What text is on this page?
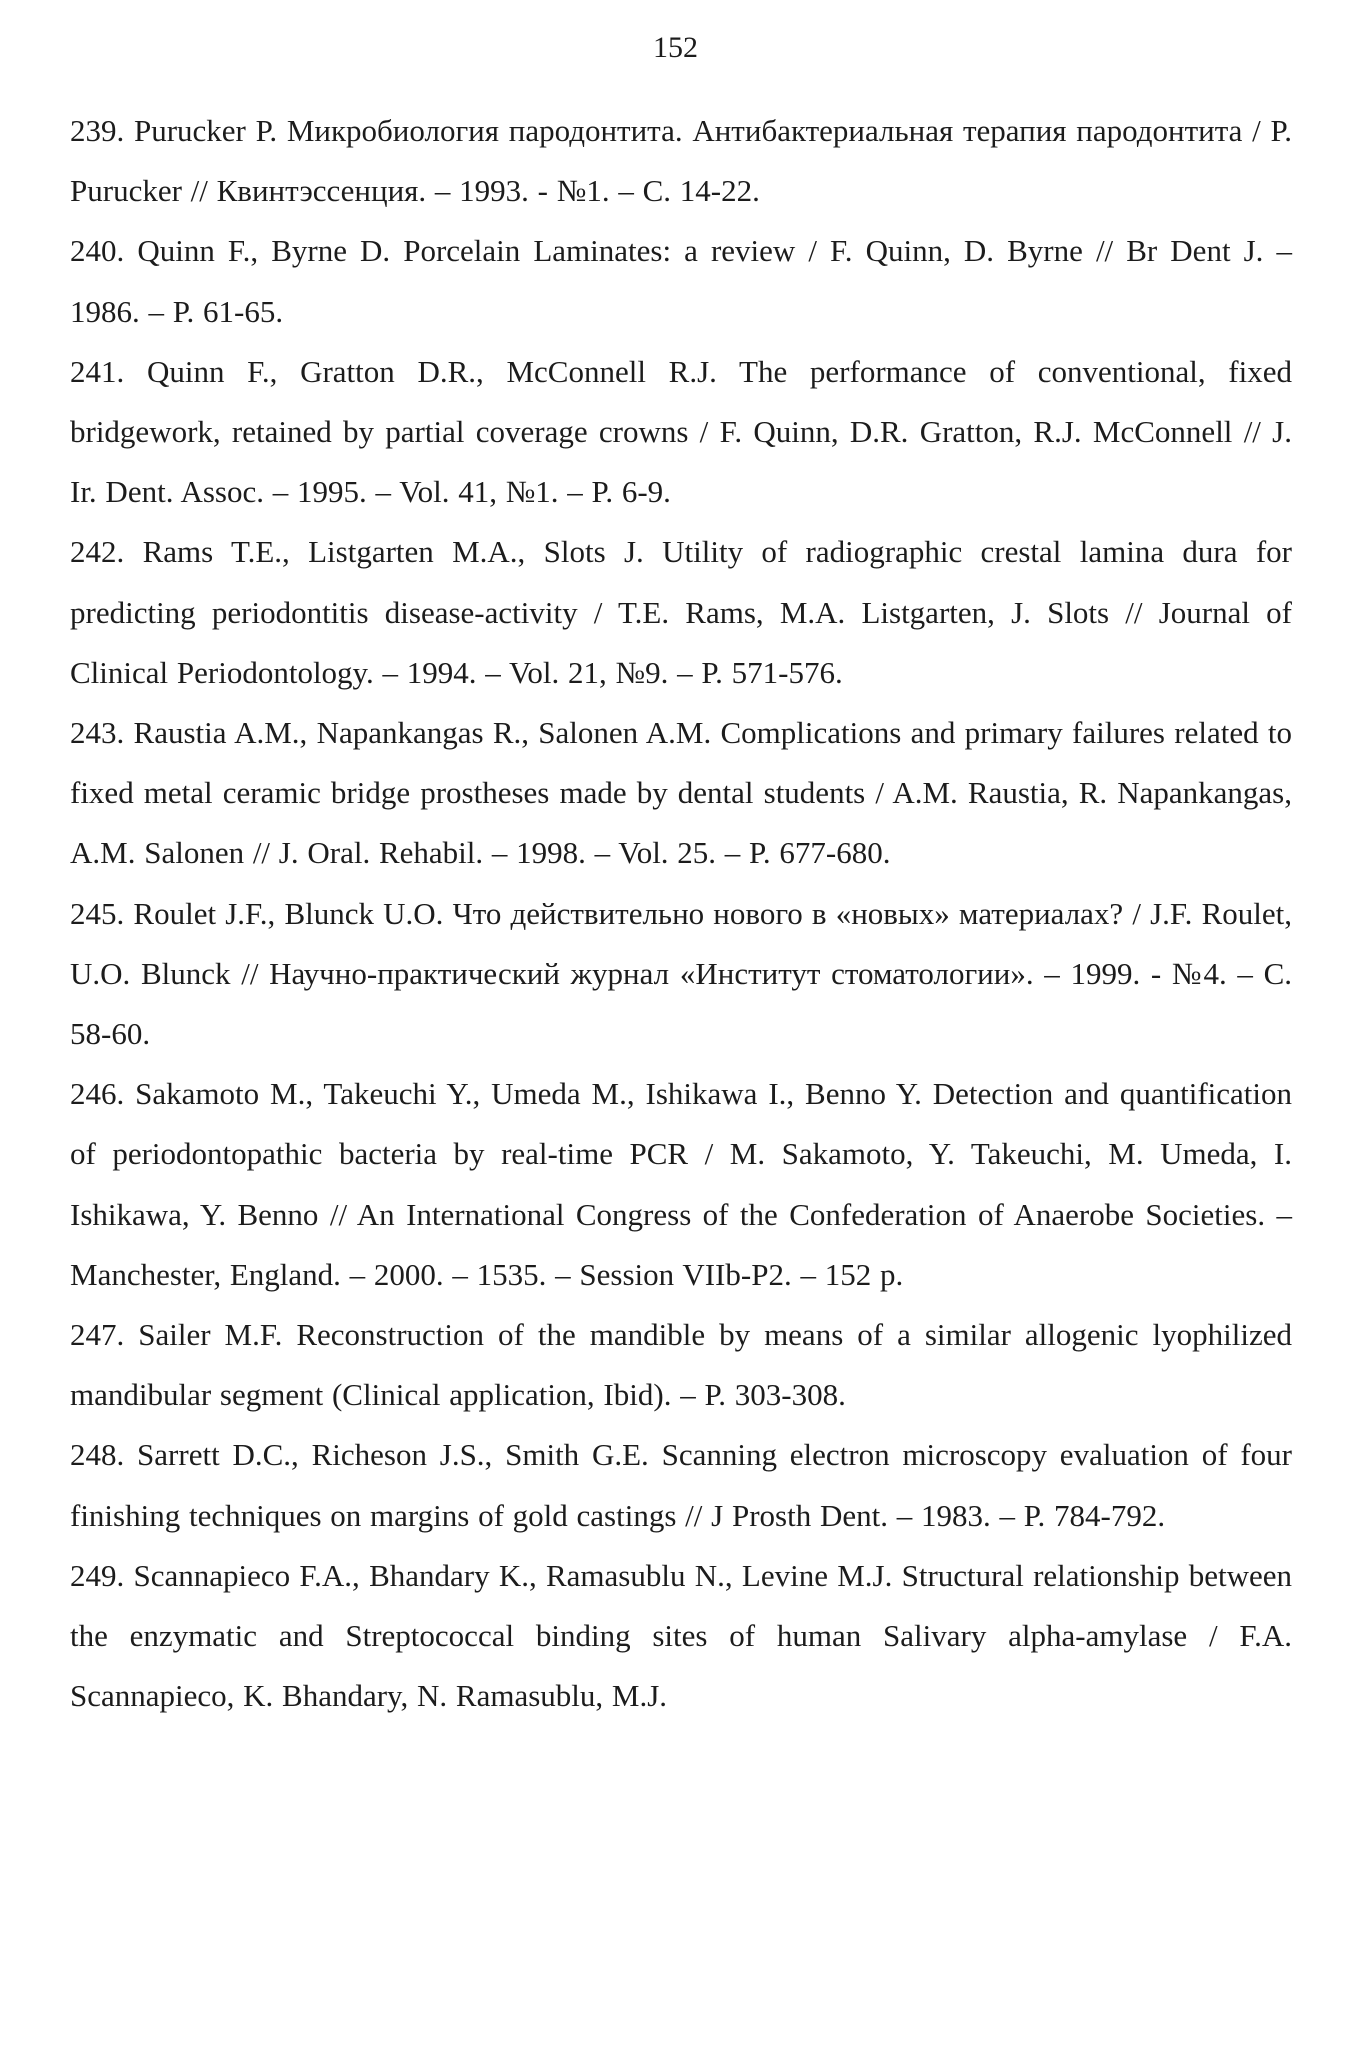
152

239. Purucker P. Микробиология пародонтита. Антибактериальная терапия пародонтита / P. Purucker // Квинтэссенция. – 1993. - №1. – С. 14-22.

240. Quinn F., Byrne D. Porcelain Laminates: a review / F. Quinn, D. Byrne // Br Dent J. – 1986. – P. 61-65.

241. Quinn F., Gratton D.R., McConnell R.J. The performance of conventional, fixed bridgework, retained by partial coverage crowns / F. Quinn, D.R. Gratton, R.J. McConnell // J. Ir. Dent. Assoc. – 1995. – Vol. 41, №1. – P. 6-9.

242. Rams T.E., Listgarten M.A., Slots J. Utility of radiographic crestal lamina dura for predicting periodontitis disease-activity / T.E. Rams, M.A. Listgarten, J. Slots // Journal of Clinical Periodontology. – 1994. – Vol. 21, №9. – P. 571-576.

243. Raustia A.M., Napankangas R., Salonen A.M. Complications and primary failures related to fixed metal ceramic bridge prostheses made by dental students / A.M. Raustia, R. Napankangas, A.M. Salonen // J. Oral. Rehabil. – 1998. – Vol. 25. – P. 677-680.

245. Roulet J.F., Blunck U.O. Что действительно нового в «новых» материалах? / J.F. Roulet, U.O. Blunck // Научно-практический журнал «Институт стоматологии». – 1999. - №4. – С. 58-60.

246. Sakamoto M., Takeuchi Y., Umeda M., Ishikawa I., Benno Y. Detection and quantification of periodontopathic bacteria by real-time PCR / M. Sakamoto, Y. Takeuchi, M. Umeda, I. Ishikawa, Y. Benno // An International Congress of the Confederation of Anaerobe Societies. – Manchester, England. – 2000. – 1535. – Session VIIb-P2. – 152 p.

247. Sailer M.F. Reconstruction of the mandible by means of a similar allogenic lyophilized mandibular segment (Clinical application, Ibid). – P. 303-308.

248. Sarrett D.C., Richeson J.S., Smith G.E. Scanning electron microscopy evaluation of four finishing techniques on margins of gold castings // J Prosth Dent. – 1983. – P. 784-792.

249. Scannapieco F.A., Bhandary K., Ramasublu N., Levine M.J. Structural relationship between the enzymatic and Streptococcal binding sites of human Salivary alpha-amylase / F.A. Scannapieco, K. Bhandary, N. Ramasublu, M.J.
